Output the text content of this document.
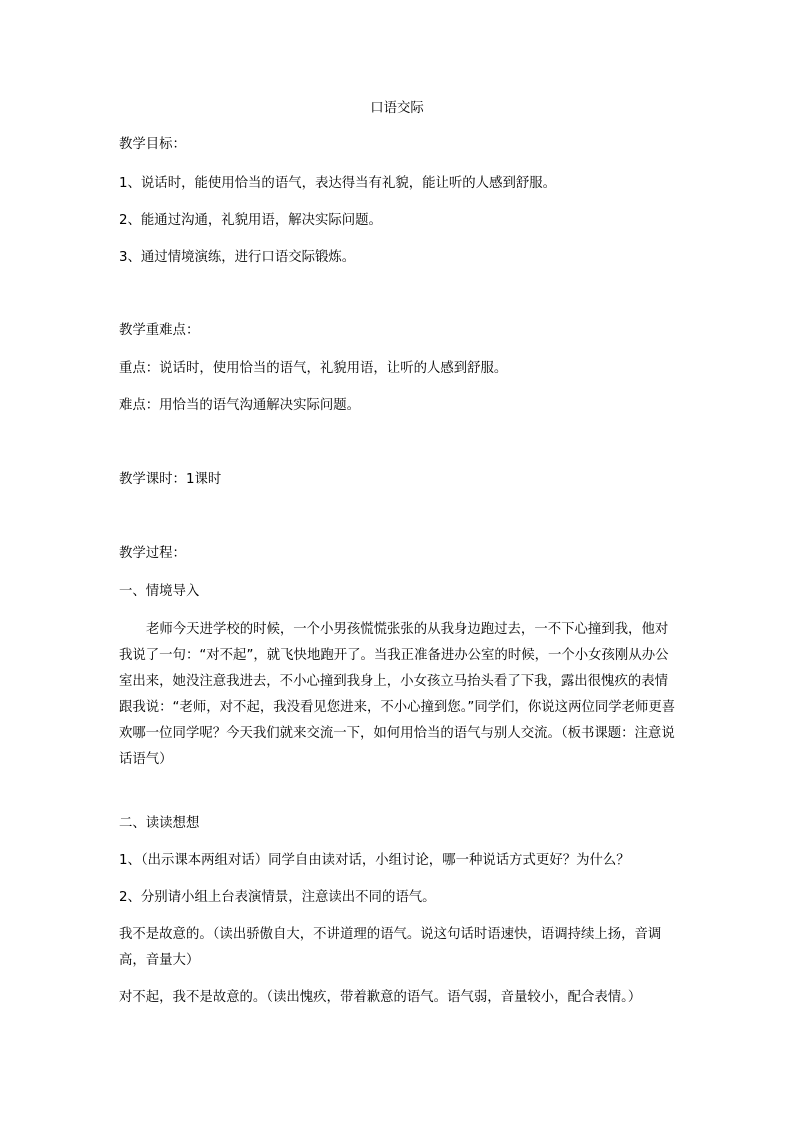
口语交际
教学目标：
1、说话时，能使用恰当的语气，表达得当有礼貌，能让听的人感到舒服。
2、能通过沟通，礼貌用语，解决实际问题。
3、通过情境演练，进行口语交际锻炼。
教学重难点：
重点：说话时，使用恰当的语气，礼貌用语，让听的人感到舒服。
难点：用恰当的语气沟通解决实际问题。
教学课时：1课时
教学过程：
一、情境导入
老师今天进学校的时候，一个小男孩慌慌张张的从我身边跑过去，一不下心撞到我，他对我说了一句：“对不起”，就飞快地跑开了。当我正准备进办公室的时候，一个小女孩刚从办公室出来，她没注意我进去，不小心撞到我身上，小女孩立马抬头看了下我，露出很愧疚的表情跟我说：“老师，对不起，我没看见您进来，不小心撞到您。”同学们，你说这两位同学老师更喜欢哪一位同学呢？今天我们就来交流一下，如何用恰当的语气与别人交流。（板书课题：注意说话语气）
二、读读想想
1、（出示课本两组对话）同学自由读对话，小组讨论，哪一种说话方式更好？为什么？
2、分别请小组上台表演情景，注意读出不同的语气。
我不是故意的。（读出骄傲自大，不讲道理的语气。说这句话时语速快，语调持续上扬，音调高，音量大）
对不起，我不是故意的。（读出愧疚，带着歉意的语气。语气弱，音量较小，配合表情。）
